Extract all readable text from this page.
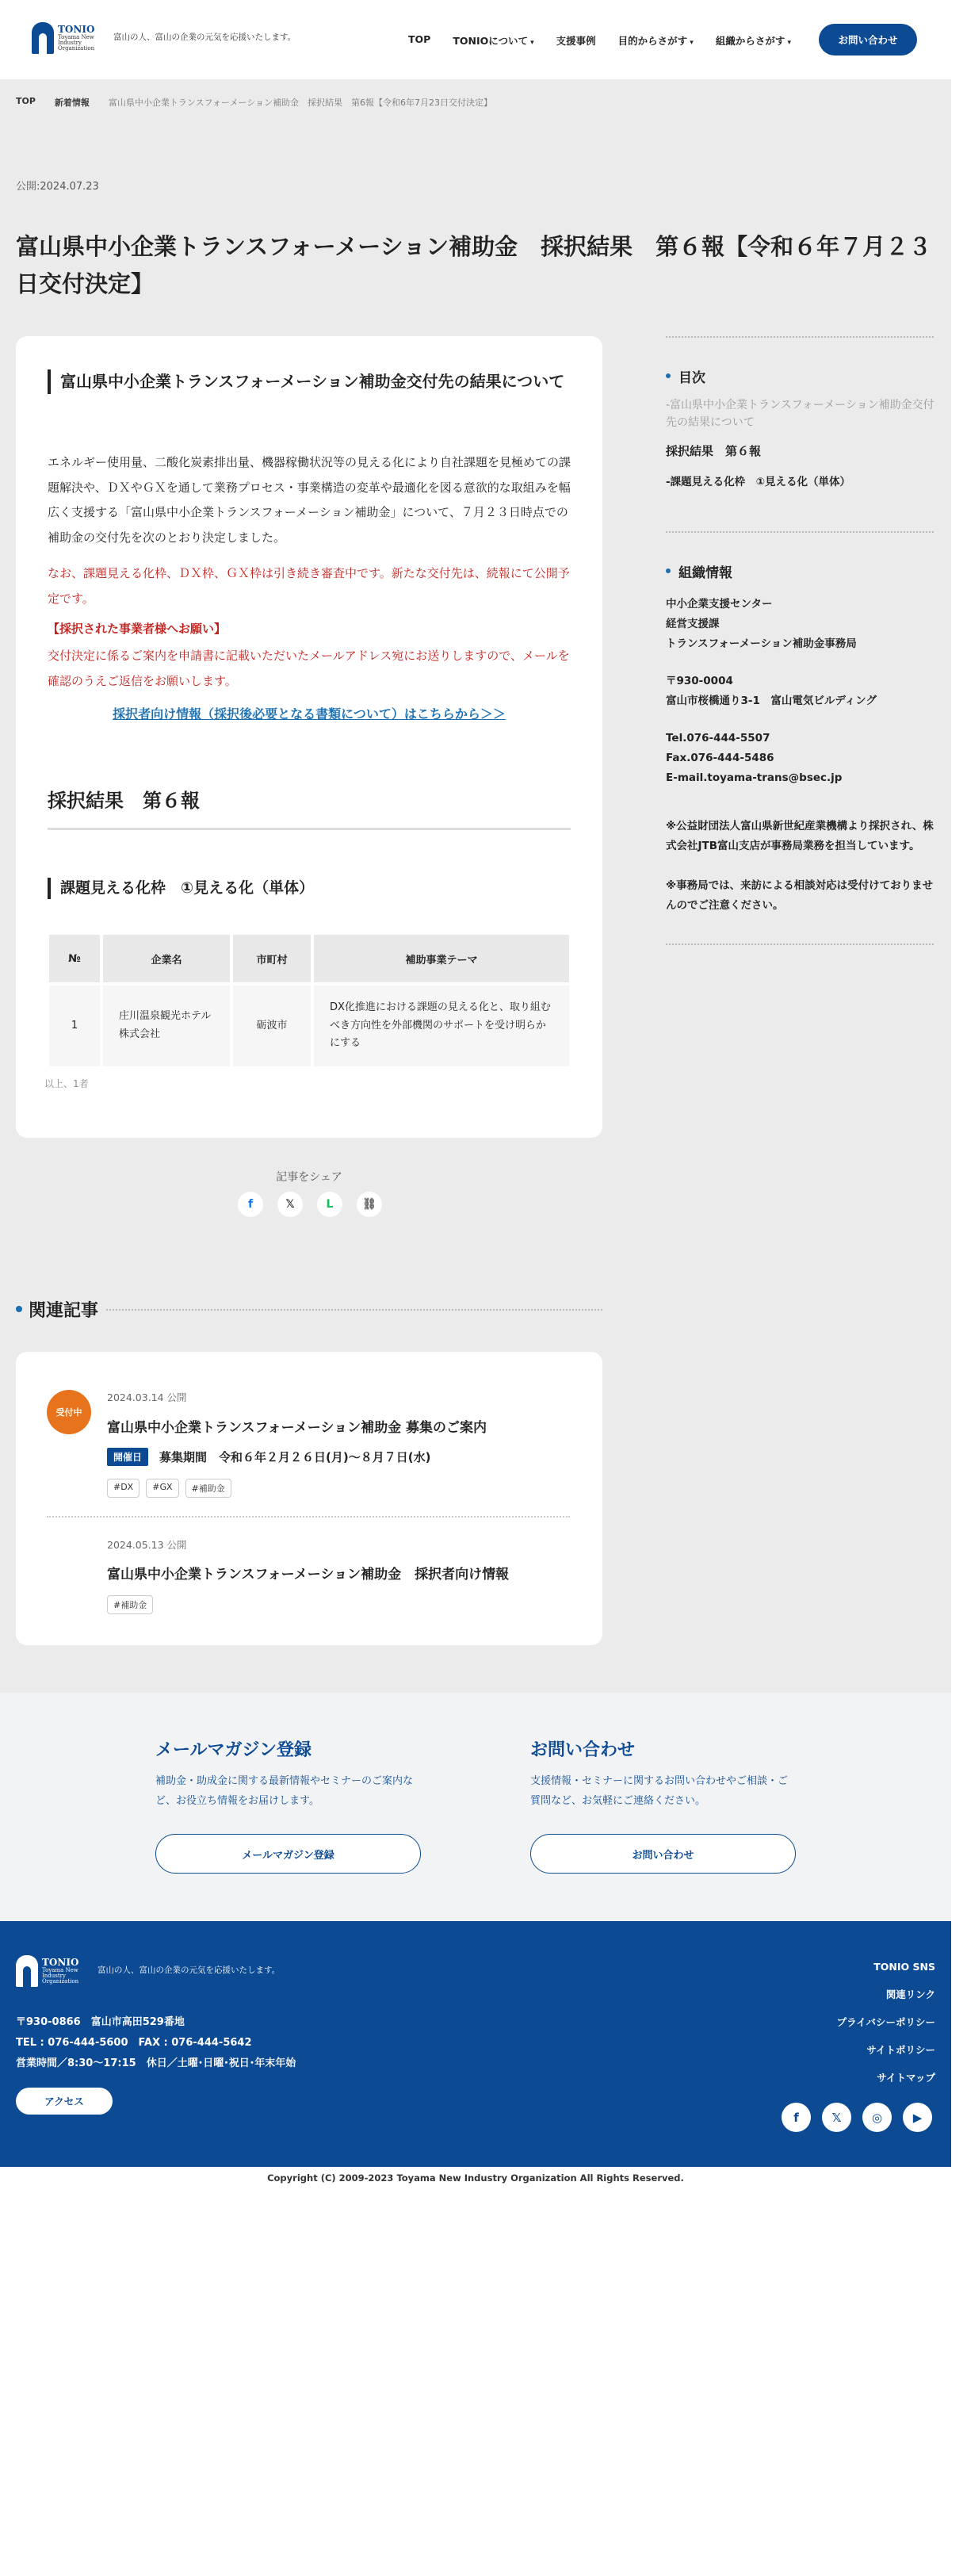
TONIO
Toyama New Industry Organization
富山の人、富山の企業の元気を応援いたします。	TOP TONIOについて ▾	支援事例 目的からさがす ▾	組織からさがす ▾	お問い合わせ
TOP 新着情報 富山県中小企業トランスフォーメーション補助金　採択結果　第6報【令和6年7月23日交付決定】
公開:2024.07.23
富山県中小企業トランスフォーメーション補助金　採択結果　第６報【令和６年７月２３日交付決定】
富山県中小企業トランスフォーメーション補助金交付先の結果について

エネルギー使用量、二酸化炭素排出量、機器稼働状況等の見える化により自社課題を見極めての課題解決や、ＤＸやＧＸを通して業務プロセス・事業構造の変革や最適化を図る意欲的な取組みを幅広く支援する「富山県中小企業トランスフォーメーション補助金」について、７月２３日時点での補助金の交付先を次のとおり決定しました。

なお、課題見える化枠、ＤＸ枠、ＧＸ枠は引き続き審査中です。新たな交付先は、続報にて公開予定です。

【採択された事業者様へお願い】

交付決定に係るご案内を申請書に記載いただいたメールアドレス宛にお送りしますので、メールを確認のうえご返信をお願いします。

採択者向け情報（採択後必要となる書類について）はこちらから＞＞
採択結果　第６報
課題見える化枠　①見える化（単体）
№	企業名	市町村	補助事業テーマ
1	庄川温泉観光ホテル株式会社	砺波市	DX化推進における課題の見える化と、取り組むべき方向性を外部機関のサポートを受け明らかにする
以上、1者
記事をシェア
f	𝕏	L	⛓
目次
-富山県中小企業トランスフォーメーション補助金交付先の結果について
採択結果　第６報
-課題見える化枠　①見える化（単体）
組織情報
中小企業支援センター
経営支援課
トランスフォーメーション補助金事務局
〒930-0004
富山市桜橋通り3-1　富山電気ビルディング
Tel.076-444-5507
Fax.076-444-5486
E-mail.toyama-trans@bsec.jp

※公益財団法人富山県新世紀産業機構より採択され、株式会社JTB富山支店が事務局業務を担当しています。

※事務局では、来訪による相談対応は受付けておりませんのでご注意ください。

関連記事
受付中
2024.03.14 公開
富山県中小企業トランスフォーメーション補助金 募集のご案内
開催日	募集期間　令和６年２月２６日(月)〜８月７日(水)
#DX	#GX	#補助金
2024.05.13 公開
富山県中小企業トランスフォーメーション補助金　採択者向け情報
#補助金
メールマガジン登録

補助金・助成金に関する最新情報やセミナーのご案内など、お役立ち情報をお届けします。

メールマガジン登録
お問い合わせ

支援情報・セミナーに関するお問い合わせやご相談・ご質問など、お気軽にご連絡ください。

お問い合わせ
TONIO
Toyama New Industry Organization
富山の人、富山の企業の元気を応援いたします。
公益財団法人 富山県新世紀産業機構
〒930-0866　富山市高田529番地
TEL : 076-444-5600　FAX : 076-444-5642
営業時間／8:30〜17:15　休日／土曜･日曜･祝日･年末年始
アクセス
TONIO SNS
関連リンク
プライバシーポリシー
サイトポリシー
サイトマップ
f	𝕏	◎	▶
Copyright (C) 2009-2023 Toyama New Industry Organization All Rights Reserved.
